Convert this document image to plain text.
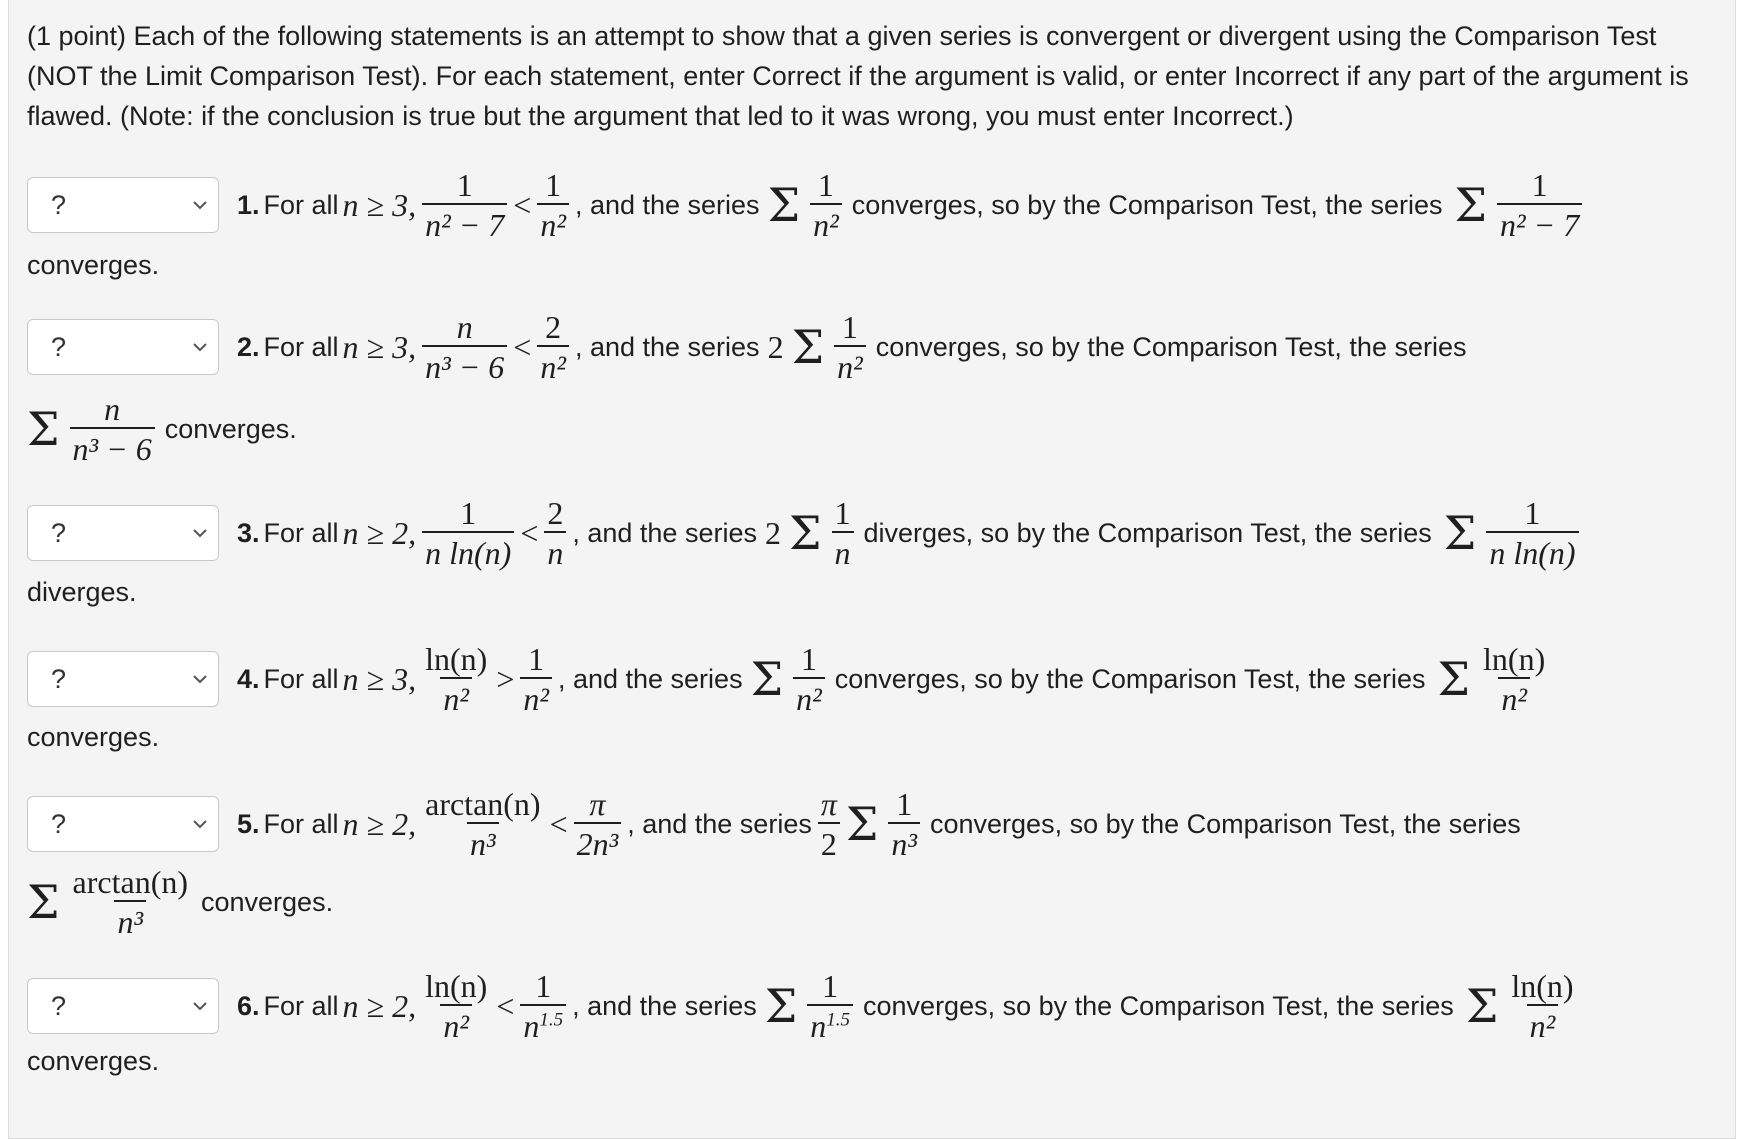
(1 point) Each of the following statements is an attempt to show that a given series is convergent or divergent using the Comparison Test (NOT the Limit Comparison Test). For each statement, enter Correct if the argument is valid, or enter Incorrect if any part of the argument is flawed. (Note: if the conclusion is true but the argument that led to it was wrong, you must enter Incorrect.)
?	1. For all n ≥ 3, $\frac{1}{\text{n² − 7}} < \frac{1}{\text{n²}}$ , and the series Σ $\frac{1}{\text{n²}}$ converges, so by the Comparison Test, the series Σ $\frac{1}{\text{n² − 7}}$
converges.
?	2. For all n ≥ 3, $\frac{n}{\text{n³ − 6}} < \frac{2}{\text{n²}}$ , and the series 2 Σ $\frac{1}{\text{n²}}$ converges, so by the Comparison Test, the series
Σ $\frac{n}{\text{n³ − 6}}$ converges.
?	3. For all n ≥ 2, $\frac{1}{\text{n ln(n)}} < \frac{2}{n}$ , and the series 2 Σ $\frac{1}{n}$ diverges, so by the Comparison Test, the series Σ $\frac{1}{\text{n ln(n)}}$
diverges.
?	4. For all n ≥ 3, $\frac{\ln(n)}{\text{n²}} > \frac{1}{\text{n²}}$ , and the series Σ $\frac{1}{\text{n²}}$ converges, so by the Comparison Test, the series Σ $\frac{\ln(n)}{\text{n²}}$
converges.
?	5. For all n ≥ 2, $\frac{\arctan(n)}{\text{n³}} < \frac{\pi}{\text{2n³}}$ , and the series $\frac{\pi}{2}$ Σ $\frac{1}{\text{n³}}$ converges, so by the Comparison Test, the series
Σ $\frac{\arctan(n)}{\text{n³}}$ converges.
?	6. For all n ≥ 2, $\frac{\ln(n)}{\text{n²}} < \frac{1}{n^{1.5}}$ , and the series Σ $\frac{1}{n^{1.5}}$ converges, so by the Comparison Test, the series Σ $\frac{\ln(n)}{\text{n²}}$
converges.
